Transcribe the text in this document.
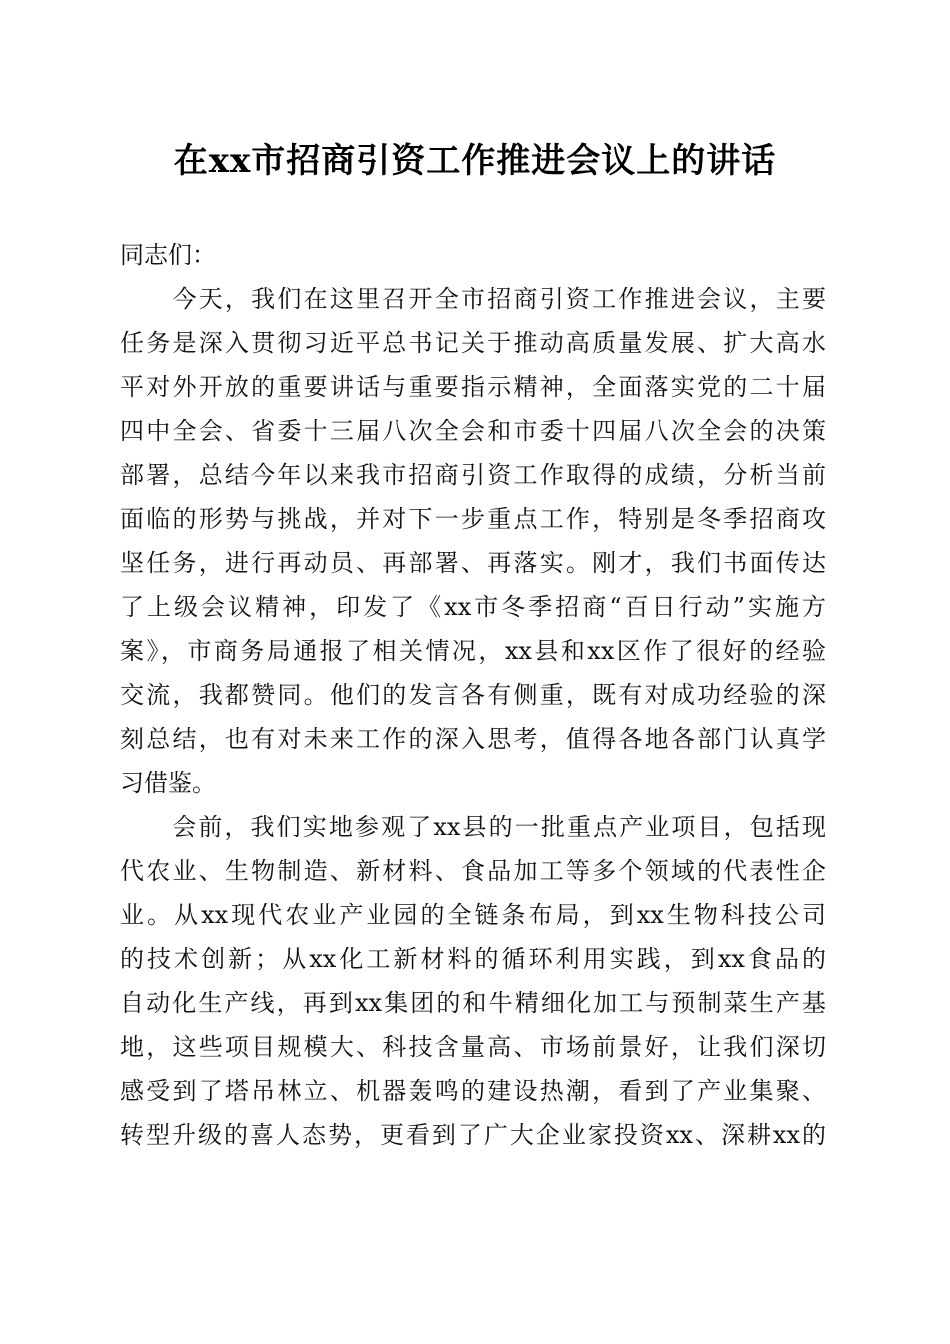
在xx市招商引资工作推进会议上的讲话
同志们：
　　今天，我们在这里召开全市招商引资工作推进会议，主要
任务是深入贯彻习近平总书记关于推动高质量发展、扩大高水
平对外开放的重要讲话与重要指示精神，全面落实党的二十届
四中全会、省委十三届八次全会和市委十四届八次全会的决策
部署，总结今年以来我市招商引资工作取得的成绩，分析当前
面临的形势与挑战，并对下一步重点工作，特别是冬季招商攻
坚任务，进行再动员、再部署、再落实。刚才，我们书面传达
了上级会议精神，印发了《xx市冬季招商“百日行动”实施方
案》，市商务局通报了相关情况，xx县和xx区作了很好的经验
交流，我都赞同。他们的发言各有侧重，既有对成功经验的深
刻总结，也有对未来工作的深入思考，值得各地各部门认真学
习借鉴。
　　会前，我们实地参观了xx县的一批重点产业项目，包括现
代农业、生物制造、新材料、食品加工等多个领域的代表性企
业。从xx现代农业产业园的全链条布局，到xx生物科技公司
的技术创新；从xx化工新材料的循环利用实践，到xx食品的
自动化生产线，再到xx集团的和牛精细化加工与预制菜生产基
地，这些项目规模大、科技含量高、市场前景好，让我们深切
感受到了塔吊林立、机器轰鸣的建设热潮，看到了产业集聚、
转型升级的喜人态势，更看到了广大企业家投资xx、深耕xx的
